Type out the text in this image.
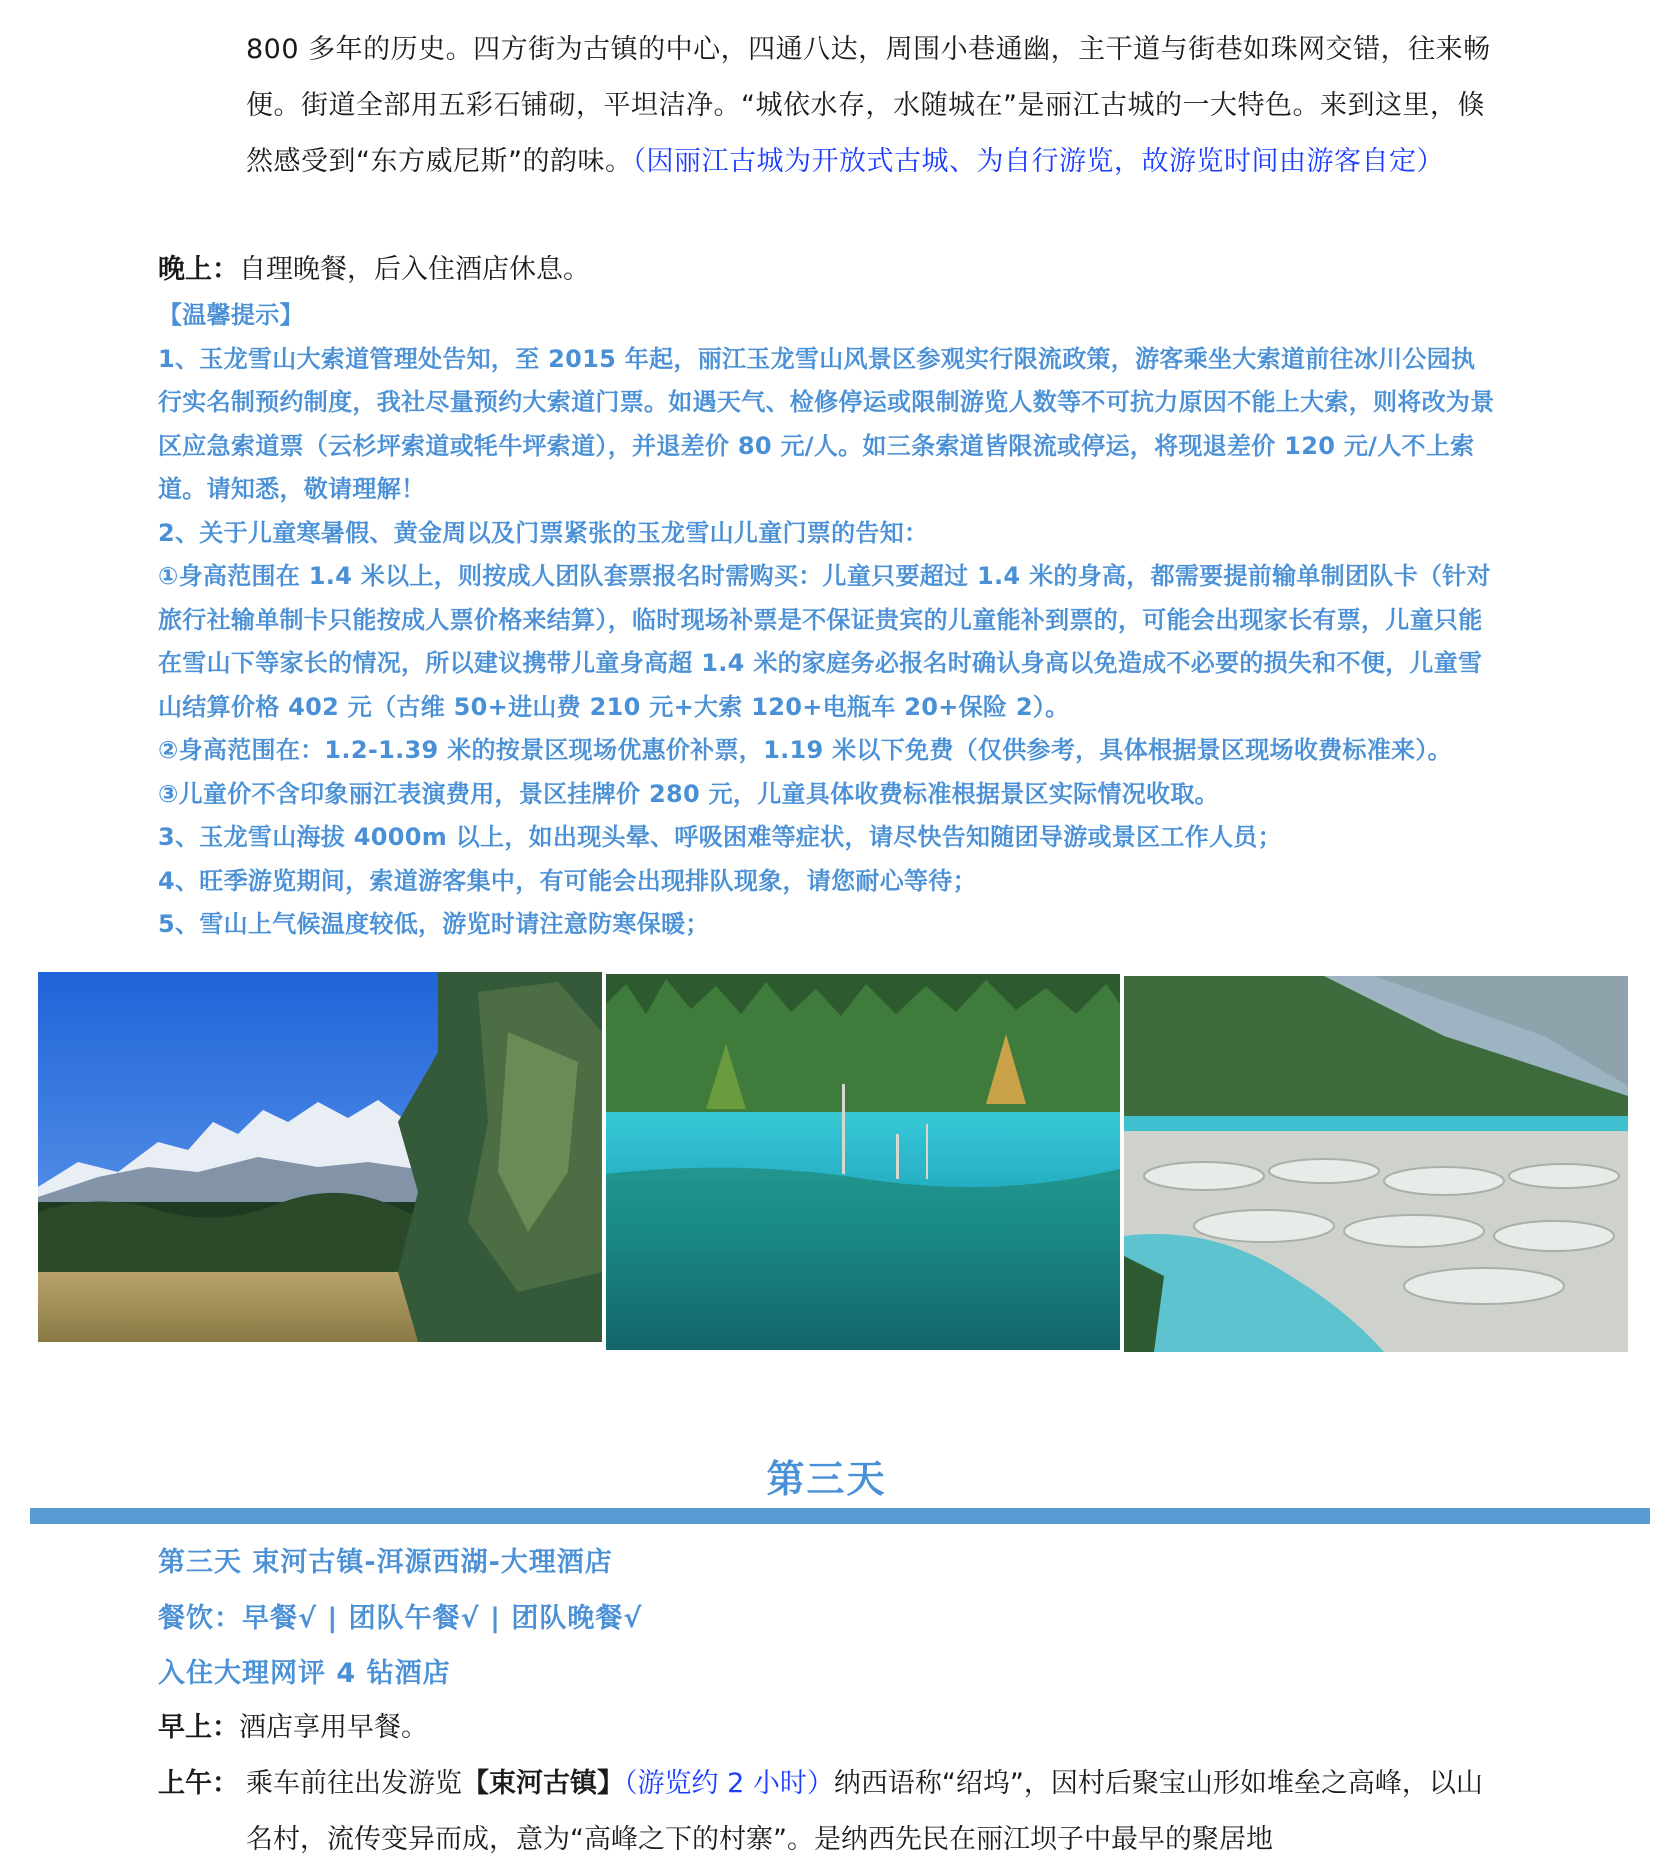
800 多年的历史。四方街为古镇的中心，四通八达，周围小巷通幽，主干道与街巷如珠网交错，往来畅便。街道全部用五彩石铺砌，平坦洁净。“城依水存，水随城在”是丽江古城的一大特色。来到这里，倏然感受到“东方威尼斯”的韵味。（因丽江古城为开放式古城、为自行游览，故游览时间由游客自定）
晚上：自理晚餐，后入住酒店休息。
【温馨提示】
1、玉龙雪山大索道管理处告知，至 2015 年起，丽江玉龙雪山风景区参观实行限流政策，游客乘坐大索道前往冰川公园执行实名制预约制度，我社尽量预约大索道门票。如遇天气、检修停运或限制游览人数等不可抗力原因不能上大索，则将改为景区应急索道票（云杉坪索道或牦牛坪索道），并退差价 80 元/人。如三条索道皆限流或停运，将现退差价 120 元/人不上索道。请知悉，敬请理解！
2、关于儿童寒暑假、黄金周以及门票紧张的玉龙雪山儿童门票的告知：
①身高范围在 1.4 米以上，则按成人团队套票报名时需购买：儿童只要超过 1.4 米的身高，都需要提前输单制团队卡（针对旅行社输单制卡只能按成人票价格来结算），临时现场补票是不保证贵宾的儿童能补到票的，可能会出现家长有票，儿童只能在雪山下等家长的情况，所以建议携带儿童身高超 1.4 米的家庭务必报名时确认身高以免造成不必要的损失和不便，儿童雪山结算价格 402 元（古维 50+进山费 210 元+大索 120+电瓶车 20+保险 2）。
②身高范围在：1.2-1.39 米的按景区现场优惠价补票，1.19 米以下免费（仅供参考，具体根据景区现场收费标准来）。
③儿童价不含印象丽江表演费用，景区挂牌价 280 元，儿童具体收费标准根据景区实际情况收取。
3、玉龙雪山海拔 4000m 以上，如出现头晕、呼吸困难等症状，请尽快告知随团导游或景区工作人员；
4、旺季游览期间，索道游客集中，有可能会出现排队现象，请您耐心等待；
5、雪山上气候温度较低，游览时请注意防寒保暖；
第三天
第三天 束河古镇-洱源西湖-大理酒店
餐饮：早餐√ | 团队午餐√ | 团队晚餐√
入住大理网评 4 钻酒店
早上：酒店享用早餐。
上午： 乘车前往出发游览【束河古镇】（游览约 2 小时）纳西语称“绍坞”，因村后聚宝山形如堆垒之高峰，以山名村，流传变异而成，意为“高峰之下的村寨”。是纳西先民在丽江坝子中最早的聚居地
